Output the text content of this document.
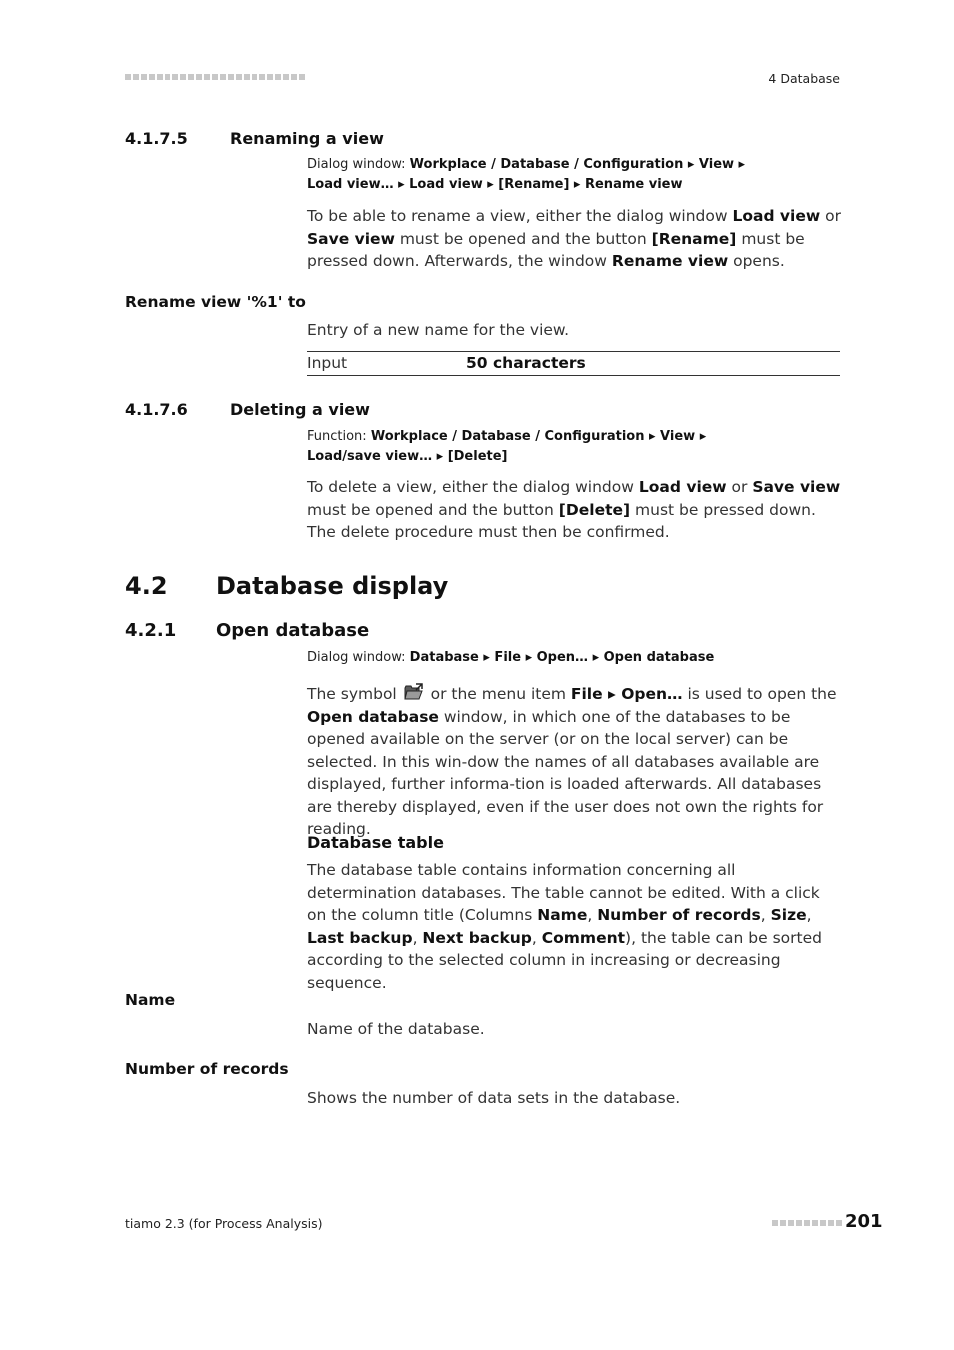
4 Database
4.1.7.5	Renaming a view
Dialog window: Workplace / Database / Configuration ▸ View ▸ Load view… ▸ Load view ▸ [Rename] ▸ Rename view
To be able to rename a view, either the dialog window Load view or Save view must be opened and the button [Rename] must be pressed down. Afterwards, the window Rename view opens.
Rename view '%1' to
Entry of a new name for the view.
Input	50 characters
4.1.7.6	Deleting a view
Function: Workplace / Database / Configuration ▸ View ▸ Load/save view… ▸ [Delete]
To delete a view, either the dialog window Load view or Save view must be opened and the button [Delete] must be pressed down. The delete procedure must then be confirmed.
4.2 Database display
4.2.1 Open database
Dialog window: Database ▸ File ▸ Open… ▸ Open database
The symbol  or the menu item File ▸ Open… is used to open the Open database window, in which one of the databases to be opened available on the server (or on the local server) can be selected. In this win-dow the names of all databases available are displayed, further informa-tion is loaded afterwards. All databases are thereby displayed, even if the user does not own the rights for reading.
Database table
The database table contains information concerning all determination databases. The table cannot be edited. With a click on the column title (Columns Name, Number of records, Size, Last backup, Next backup, Comment), the table can be sorted according to the selected column in increasing or decreasing sequence.
Name
Name of the database.
Number of records
Shows the number of data sets in the database.
tiamo 2.3 (for Process Analysis)	201
